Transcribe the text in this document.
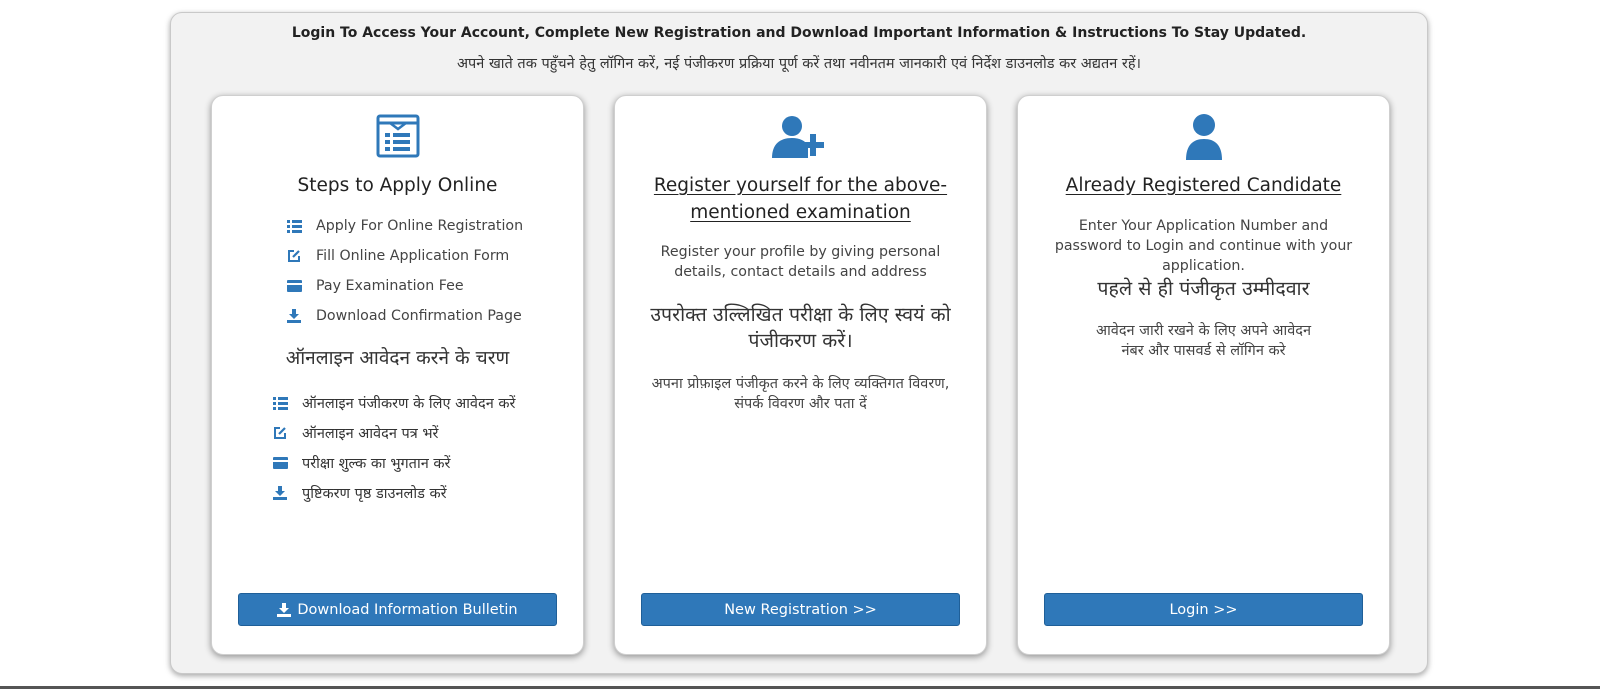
Login To Access Your Account, Complete New Registration and Download Important Information & Instructions To Stay Updated.
अपने खाते तक पहुँचने हेतु लॉगिन करें, नई पंजीकरण प्रक्रिया पूर्ण करें तथा नवीनतम जानकारी एवं निर्देश डाउनलोड कर अद्यतन रहें।
Steps to Apply Online
Apply For Online Registration
Fill Online Application Form
Pay Examination Fee
Download Confirmation Page
ऑनलाइन आवेदन करने के चरण
ऑनलाइन पंजीकरण के लिए आवेदन करें
ऑनलाइन आवेदन पत्र भरें
परीक्षा शुल्क का भुगतान करें
पुष्टिकरण पृष्ठ डाउनलोड करें
Download Information Bulletin
Register yourself for the above-mentioned examination
Register your profile by giving personal details, contact details and address
उपरोक्त उल्लिखित परीक्षा के लिए स्वयं को पंजीकरण करें।
अपना प्रोफ़ाइल पंजीकृत करने के लिए व्यक्तिगत विवरण, संपर्क विवरण और पता दें
New Registration >>
Already Registered Candidate
Enter Your Application Number and password to Login and continue with your application.
पहले से ही पंजीकृत उम्मीदवार
आवेदन जारी रखने के लिए अपने आवेदन नंबर और पासवर्ड से लॉगिन करे
Login >>
